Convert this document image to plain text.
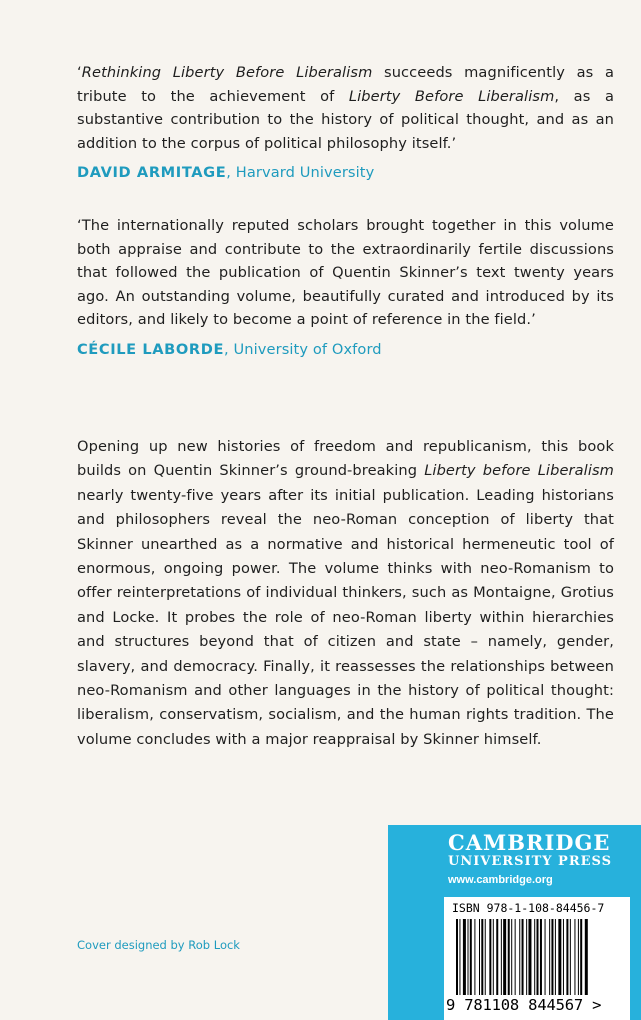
‘Rethinking Liberty Before Liberalism succeeds magnificently as a tribute to the achievement of Liberty Before Liberalism, as a substantive contribution to the history of political thought, and as an addition to the corpus of political philosophy itself.’
DAVID ARMITAGE, Harvard University
‘The internationally reputed scholars brought together in this volume both appraise and contribute to the extraordinarily fertile discussions that followed the publication of Quentin Skinner’s text twenty years ago. An outstanding volume, beautifully curated and introduced by its editors, and likely to become a point of reference in the field.’
CÉCILE LABORDE, University of Oxford
Opening up new histories of freedom and republicanism, this book builds on Quentin Skinner’s ground-breaking Liberty before Liberalism nearly twenty-five years after its initial publication. Leading historians and philosophers reveal the neo-Roman conception of liberty that Skinner unearthed as a normative and historical hermeneutic tool of enormous, ongoing power. The volume thinks with neo-Romanism to offer reinterpretations of individual thinkers, such as Montaigne, Grotius and Locke. It probes the role of neo-Roman liberty within hierarchies and structures beyond that of citizen and state – namely, gender, slavery, and democracy. Finally, it reassesses the relationships between neo-Romanism and other languages in the history of political thought: liberalism, conservatism, socialism, and the human rights tradition. The volume concludes with a major reappraisal by Skinner himself.
Cover designed by Rob Lock
CAMBRIDGE
UNIVERSITY PRESS
www.cambridge.org
ISBN 978-1-108-84456-7
9 781108 844567 >
